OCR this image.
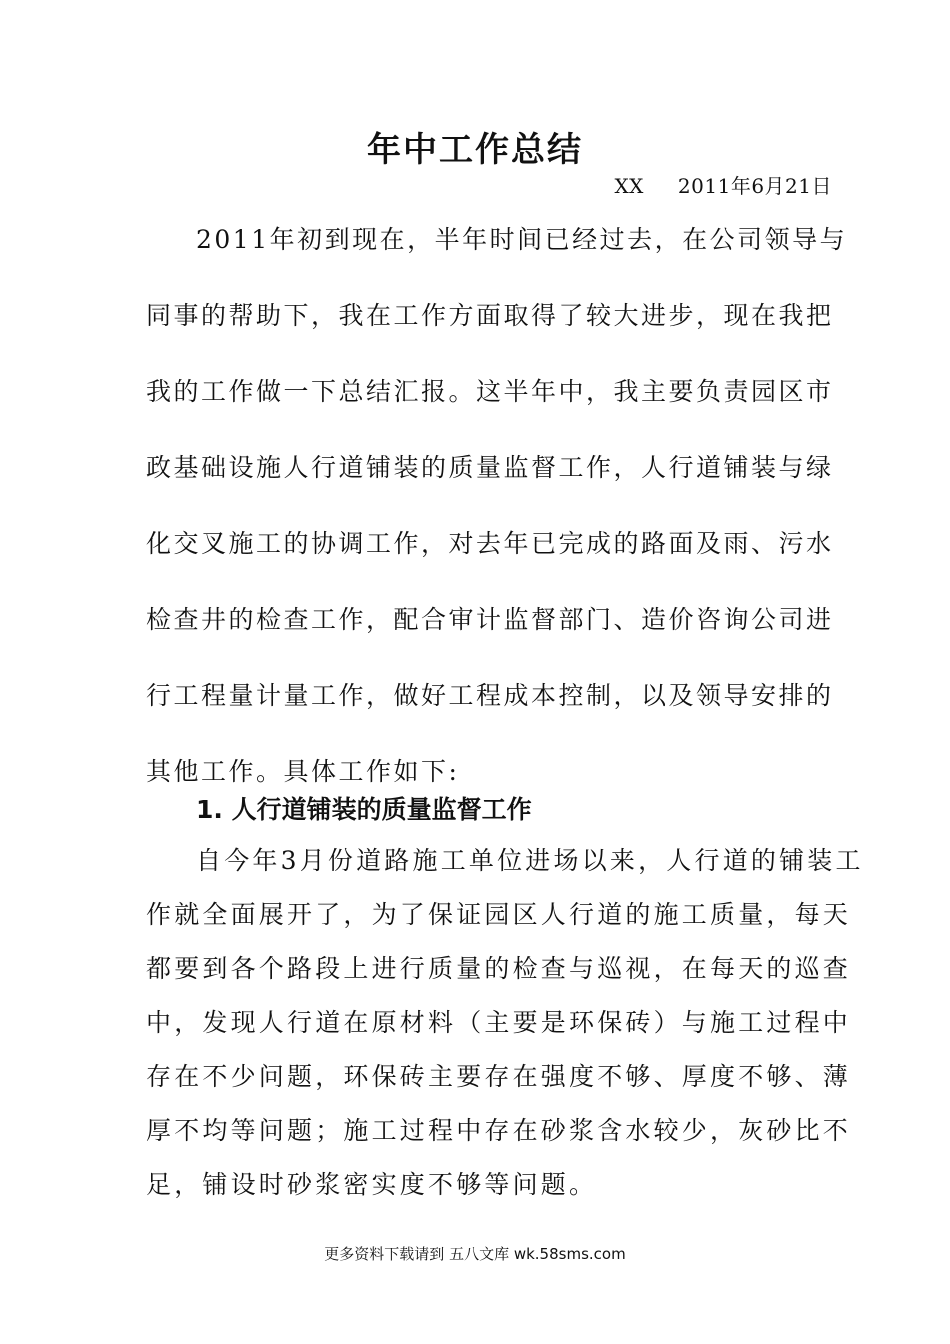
年中工作总结
XX 2011年6月21日
2011年初到现在，半年时间已经过去，在公司领导与
同事的帮助下，我在工作方面取得了较大进步，现在我把
我的工作做一下总结汇报。这半年中，我主要负责园区市
政基础设施人行道铺装的质量监督工作，人行道铺装与绿
化交叉施工的协调工作，对去年已完成的路面及雨、污水
检查井的检查工作，配合审计监督部门、造价咨询公司进
行工程量计量工作，做好工程成本控制，以及领导安排的
其他工作。具体工作如下:
1. 人行道铺装的质量监督工作
自今年3月份道路施工单位进场以来，人行道的铺装工
作就全面展开了，为了保证园区人行道的施工质量，每天
都要到各个路段上进行质量的检查与巡视，在每天的巡查
中，发现人行道在原材料（主要是环保砖）与施工过程中
存在不少问题，环保砖主要存在强度不够、厚度不够、薄
厚不均等问题；施工过程中存在砂浆含水较少，灰砂比不
足，铺设时砂浆密实度不够等问题。
更多资料下载请到 五八文库 wk.58sms.com
